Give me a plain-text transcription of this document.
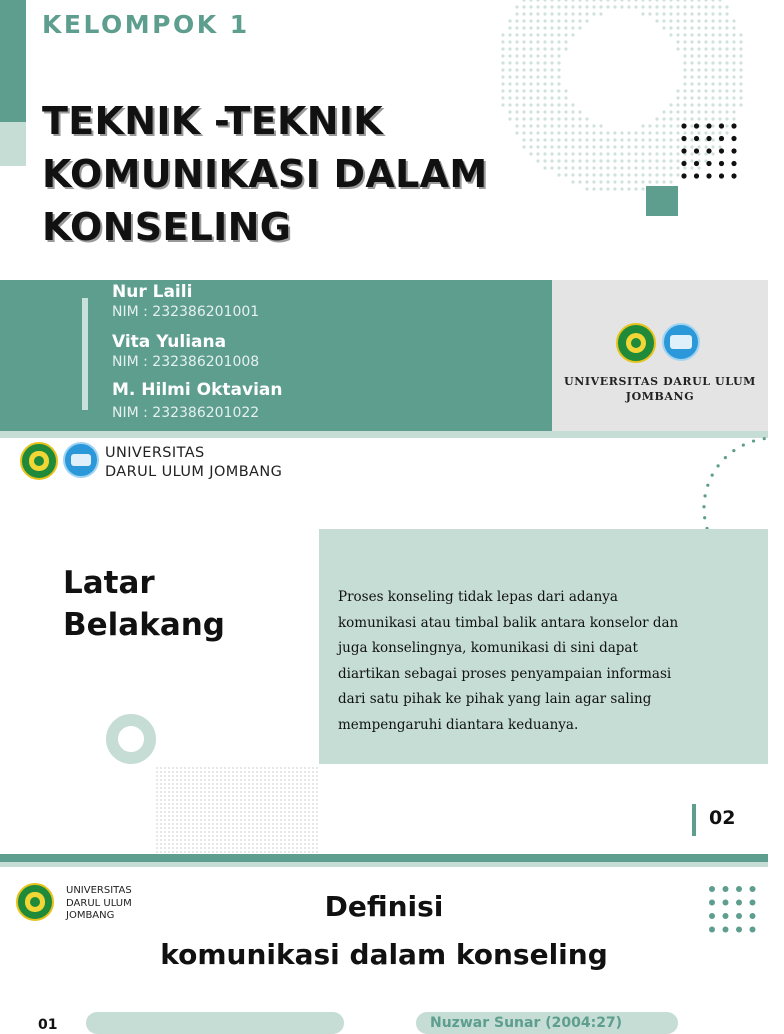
KELOMPOK 1
TEKNIK -TEKNIK
KOMUNIKASI DALAM
KONSELING
Nur Laili
NIM : 232386201001
Vita Yuliana
NIM : 232386201008
M. Hilmi Oktavian
NIM : 232386201022
UNIVERSITAS DARUL ULUM
JOMBANG
UNIVERSITAS
DARUL ULUM JOMBANG
Latar
Belakang
Proses konseling tidak lepas dari adanya
komunikasi atau timbal balik antara konselor dan
juga konselingnya, komunikasi di sini dapat
diartikan sebagai proses penyampaian informasi
dari satu pihak ke pihak yang lain agar saling
mempengaruhi diantara keduanya.
02
UNIVERSITAS
DARUL ULUM
JOMBANG	Definisi
komunikasi dalam konseling
01	Nuzwar Sunar (2004:27)
